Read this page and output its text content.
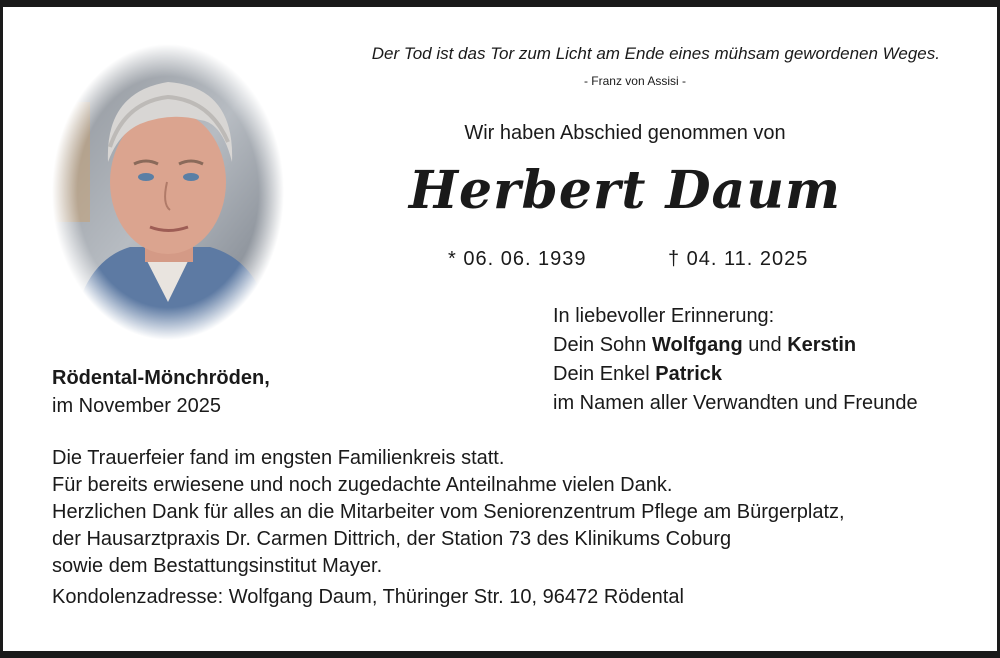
Der Tod ist das Tor zum Licht am Ende eines mühsam gewordenen Weges.
- Franz von Assisi -
Wir haben Abschied genommen von
Herbert Daum
* 06. 06. 1939	† 04. 11. 2025
In liebevoller Erinnerung:
Dein Sohn Wolfgang und Kerstin
Dein Enkel Patrick
im Namen aller Verwandten und Freunde
Rödental-Mönchröden,
im November 2025
Die Trauerfeier fand im engsten Familienkreis statt.
Für bereits erwiesene und noch zugedachte Anteilnahme vielen Dank.
Herzlichen Dank für alles an die Mitarbeiter vom Seniorenzentrum Pflege am Bürgerplatz,
der Hausarztpraxis Dr. Carmen Dittrich, der Station 73 des Klinikums Coburg
sowie dem Bestattungsinstitut Mayer.
Kondolenzadresse: Wolfgang Daum, Thüringer Str. 10, 96472 Rödental
